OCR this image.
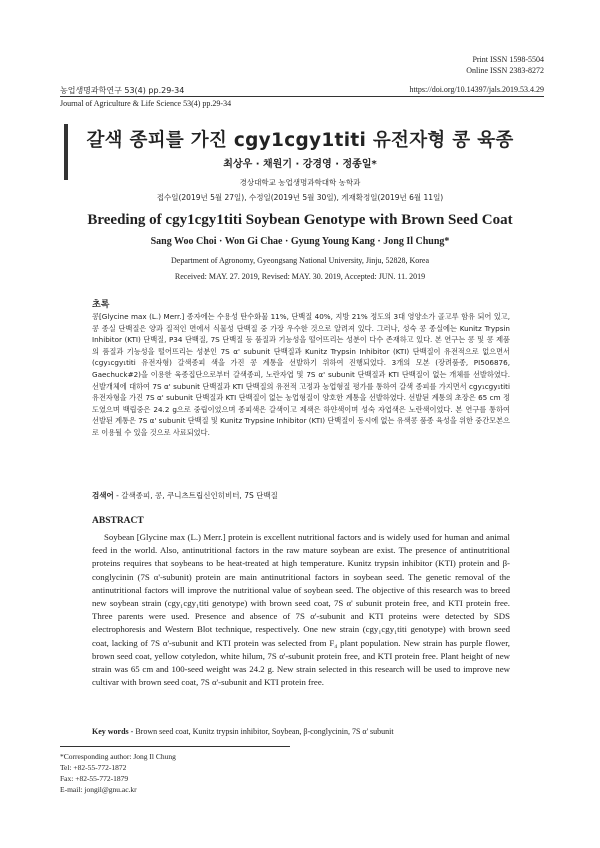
Print ISSN 1598-5504
Online ISSN 2383-8272
농업생명과학연구 53(4) pp.29-34
Journal of Agriculture & Life Science 53(4) pp.29-34
https://doi.org/10.14397/jals.2019.53.4.29
갈색 종피를 가진 cgy1cgy1titi 유전자형 콩 육종
최상우 · 채원기 · 강경영 · 정종일*
경상대학교 농업생명과학대학 농학과
접수일(2019년 5월 27일), 수정일(2019년 5월 30일), 게재확정일(2019년 6월 11일)
Breeding of cgy1cgy1titi Soybean Genotype with Brown Seed Coat
Sang Woo Choi · Won Gi Chae · Gyung Young Kang · Jong Il Chung*
Department of Agronomy, Gyeongsang National University, Jinju, 52828, Korea
Received: MAY. 27. 2019, Revised: MAY. 30. 2019, Accepted: JUN. 11. 2019
초록
콩[Glycine max (L.) Merr.] 종자에는 수용성 탄수화물 11%, 단백질 40%, 지방 21% 정도의 3대 영양소가 골고루 함유 되어 있고, 콩 종실 단백질은 양과 질적인 면에서 식물성 단백질 중 가장 우수한 것으로 알려져 있다. 그러나, 성숙 콩 종실에는 Kunitz Trypsin Inhibitor (KTI) 단백질, P34 단백질, 7S 단백질 등 품질과 기능성을 떨어뜨리는 성분이 다수 존재하고 있다. 본 연구는 콩 및 콩 제품의 품질과 기능성을 떨어뜨리는 성분인 7S α' subunit 단백질과 Kunitz Trypsin Inhibitor (KTI) 단백질이 유전적으로 없으면서 (cgy₁cgy₁titi 유전자형) 갈색종피 색을 가진 콩 계통을 선발하기 위하여 진행되었다. 3개의 모본 (장려품종, PI506876, Gaechuck#2)을 이용한 육종집단으로부터 갈색종피, 노란자엽 및 7S α' subunit 단백질과 KTI 단백질이 없는 개체를 선발하였다. 선발개체에 대하여 7S α' subunit 단백질과 KTI 단백질의 유전적 고정과 농업형질 평가를 통하여 갈색 종피를 가지면서 cgy₁cgy₁titi 유전자형을 가진 7S α' subunit 단백질과 KTI 단백질이 없는 농업형질이 양호한 계통을 선발하였다. 선발된 계통의 초장은 65 cm 정도였으며 백립중은 24.2 g으로 중립이었으며 종피색은 갈색이고 제색은 하얀색이며 성숙 자엽색은 노란색이었다. 본 연구를 통하여 선발된 계통은 7S α' subunit 단백질 및 Kunitz Trypsine Inhibitor (KTI) 단백질이 동시에 없는 유색콩 품종 육성을 위한 중간모본으로 이용될 수 있을 것으로 사료되었다.
검색어 - 갈색종피, 콩, 쿠니츠트립신인히비터, 7S 단백질
ABSTRACT
Soybean [Glycine max (L.) Merr.] protein is excellent nutritional factors and is widely used for human and animal feed in the world. Also, antinutritional factors in the raw mature soybean are exist. The presence of antinutritional proteins requires that soybeans to be heat-treated at high temperature. Kunitz trypsin inhibitor (KTI) protein and β-conglycinin (7S α'-subunit) protein are main antinutritional factors in soybean seed. The genetic removal of the antinutritional factors will improve the nutritional value of soybean seed. The objective of this research was to breed new soybean strain (cgy₁cgy₁titi genotype) with brown seed coat, 7S α' subunit protein free, and KTI protein free. Three parents were used. Presence and absence of 7S α'-subunit and KTI proteins were detected by SDS electrophoresis and Western Blot technique, respectively. One new strain (cgy₁cgy₁titi genotype) with brown seed coat, lacking of 7S α'-subunit and KTI protein was selected from F₄ plant population. New strain has purple flower, brown seed coat, yellow cotyledon, white hilum, 7S α'-subunit protein free, and KTI protein free. Plant height of new strain was 65 cm and 100-seed weight was 24.2 g. New strain selected in this research will be used to improve new cultivar with brown seed coat, 7S α'-subunit and KTI protein free.
Key words - Brown seed coat, Kunitz trypsin inhibitor, Soybean, β-conglycinin, 7S α' subunit
*Corresponding author: Jong Il Chung
Tel: +82-55-772-1872
Fax: +82-55-772-1879
E-mail: jongil@gnu.ac.kr
